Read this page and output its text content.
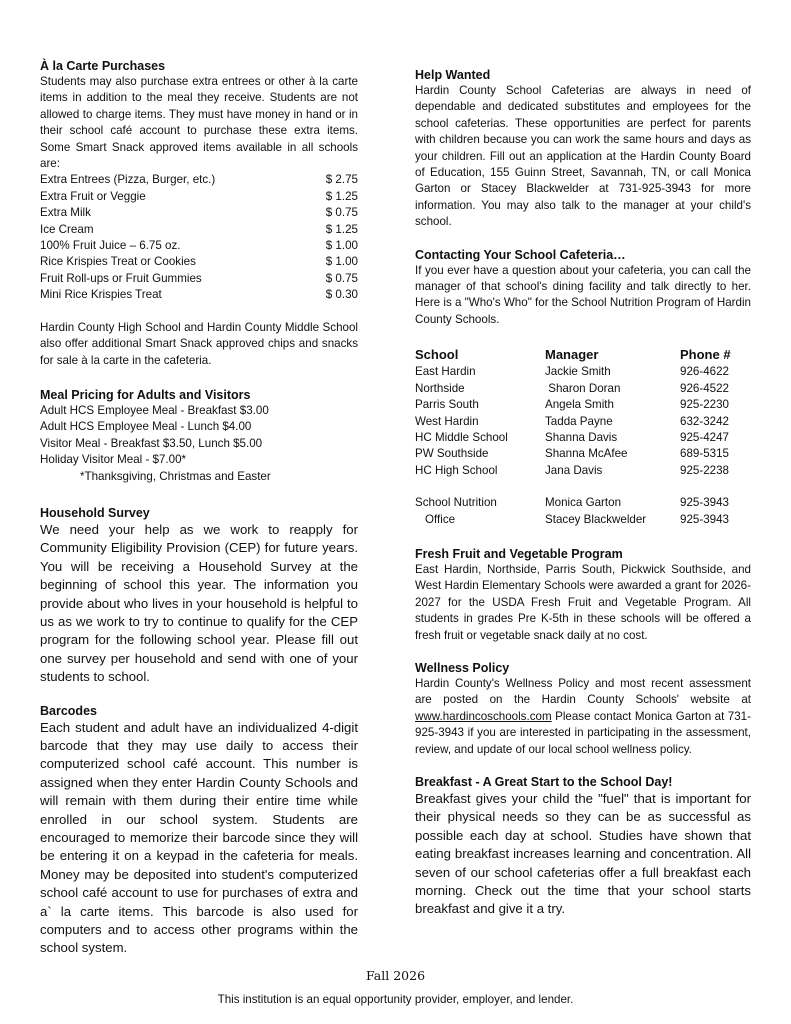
À la Carte Purchases

Students may also purchase extra entrees or other à la carte items in addition to the meal they receive. Students are not allowed to charge items. They must have money in hand or in their school café account to purchase these extra items. Some Smart Snack approved items available in all schools are:

Extra Entrees (Pizza, Burger, etc.)	$ 2.75
Extra Fruit or Veggie	$ 1.25
Extra Milk	$ 0.75
Ice Cream	$ 1.25
100% Fruit Juice – 6.75 oz.	$ 1.00
Rice Krispies Treat or Cookies	$ 1.00
Fruit Roll-ups or Fruit Gummies	$ 0.75
Mini Rice Krispies Treat	$ 0.30

Hardin County High School and Hardin County Middle School also offer additional Smart Snack approved chips and snacks for sale à la carte in the cafeteria.

Meal Pricing for Adults and Visitors
Adult HCS Employee Meal - Breakfast $3.00
Adult HCS Employee Meal - Lunch $4.00
Visitor Meal - Breakfast $3.50, Lunch $5.00
Holiday Visitor Meal - $7.00*
*Thanksgiving, Christmas and Easter
Household Survey

We need your help as we work to reapply for Community Eligibility Provision (CEP) for future years. You will be receiving a Household Survey at the beginning of school this year. The information you provide about who lives in your household is helpful to us as we work to try to continue to qualify for the CEP program for the following school year. Please fill out one survey per household and send with one of your students to school.

Barcodes

Each student and adult have an individualized 4-digit barcode that they may use daily to access their computerized school café account. This number is assigned when they enter Hardin County Schools and will remain with them during their entire time while enrolled in our school system. Students are encouraged to memorize their barcode since they will be entering it on a keypad in the cafeteria for meals. Money may be deposited into student's computerized school café account to use for purchases of extra and a` la carte items. This barcode is also used for computers and to access other programs within the school system.

Help Wanted

Hardin County School Cafeterias are always in need of dependable and dedicated substitutes and employees for the school cafeterias. These opportunities are perfect for parents with children because you can work the same hours and days as your children. Fill out an application at the Hardin County Board of Education, 155 Guinn Street, Savannah, TN, or call Monica Garton or Stacey Blackwelder at 731-925-3943 for more information. You may also talk to the manager at your child's school.

Contacting Your School Cafeteria…

If you ever have a question about your cafeteria, you can call the manager of that school's dining facility and talk directly to her. Here is a "Who's Who" for the School Nutrition Program of Hardin County Schools.

School	Manager	Phone #
East Hardin	Jackie Smith	926-4622
Northside	Sharon Doran	926-4522
Parris South	Angela Smith	925-2230
West Hardin	Tadda Payne	632-3242
HC Middle School	Shanna Davis	925-4247
PW Southside	Shanna McAfee	689-5315
HC High School	Jana Davis	925-2238
School Nutrition	Monica Garton	925-3943
Office	Stacey Blackwelder	925-3943
Fresh Fruit and Vegetable Program

East Hardin, Northside, Parris South, Pickwick Southside, and West Hardin Elementary Schools were awarded a grant for 2026-2027 for the USDA Fresh Fruit and Vegetable Program. All students in grades Pre K-5th in these schools will be offered a fresh fruit or vegetable snack daily at no cost.

Wellness Policy

Hardin County's Wellness Policy and most recent assessment are posted on the Hardin County Schools' website at www.hardincoschools.com Please contact Monica Garton at 731-925-3943 if you are interested in participating in the assessment, review, and update of our local school wellness policy.

Breakfast - A Great Start to the School Day!

Breakfast gives your child the "fuel" that is important for their physical needs so they can be as successful as possible each day at school. Studies have shown that eating breakfast increases learning and concentration. All seven of our school cafeterias offer a full breakfast each morning. Check out the time that your school starts breakfast and give it a try.

Fall 2026
This institution is an equal opportunity provider, employer, and lender.
